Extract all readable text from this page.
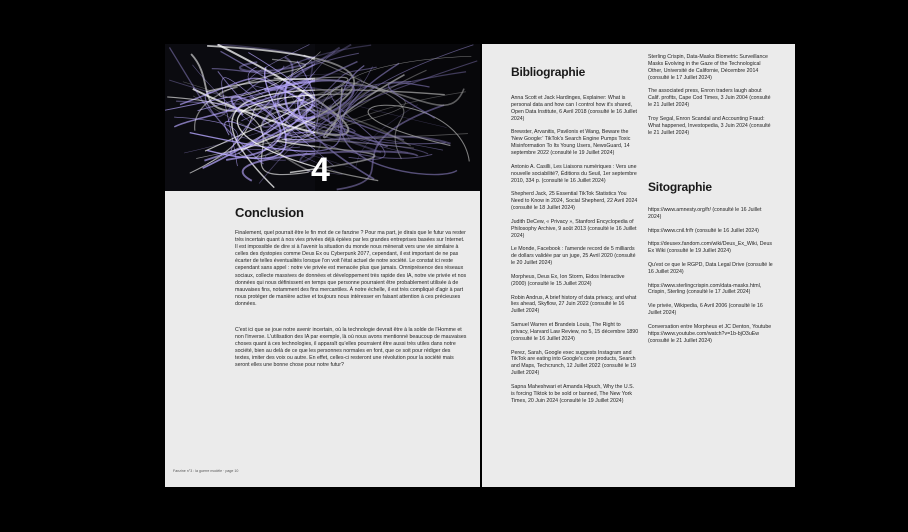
4
Conclusion

Finalement, quel pourrait être le fin mot de ce fanzine ? Pour ma part, je dirais que le futur va rester très incertain quant à nos vies privées déjà épiées par les grandes entreprises basées sur Internet. Il est impossible de dire si à l'avenir la situation du monde nous mènerait vers une vie similaire à celles des dystopies comme Deus Ex ou Cyberpunk 2077, cependant, il est important de ne pas écarter de telles éventualités lorsque l'on voit l'état actuel de notre société. Le constat ici reste cependant sans appel : notre vie privée est menacée plus que jamais. Omniprésence des réseaux sociaux, collecte massives de données et développement très rapide des IA, notre vie privée et nos données qui nous définissent en temps que personne pourraient être probablement utilisée à de mauvaises fins, notamment des fins mercantiles. À notre échelle, il est très compliqué d'agir à part nous protéger de manière active et toujours nous intéresser en faisant attention à ces précieuses données.

C'est ici que se joue notre avenir incertain, où la technologie devrait être à la solde de l'Homme et non l'inverse. L'utilisation des IA par exemple, là où nous avons mentionné beaucoup de mauvaises choses quant à ces technologies, il apparaît qu'elles pourraient être aussi très utiles dans notre société, bien au delà de ce que les personnes normales en font, que ce soit pour rédiger des textes, imiter des voix ou autre. En effet, celles-ci resteront une révolution pour la société mais seront elles une bonne chose pour notre futur?

Fanzine n°3 : la guerre modèle · page 10
Bibliographie
Anna Scott et Jack Hardinges, Explainer: What is personal data and how can I control how it's shared, Open Data Institute, 6 Avril 2018 (consulté le 16 Juillet 2024)
Brewster, Arvanitis, Pavilonis et Wang, Beware the 'New Google:' TikTok's Search Engine Pumps Toxic Misinformation To Its Young Users, NewsGuard, 14 septembre 2022 (consulté le 19 Juillet 2024)
Antonio A. Casilli, Les Liaisons numériques : Vers une nouvelle sociabilité?, Éditions du Seuil, 1er septembre 2010, 334 p. (consulté le 16 Juillet 2024)
Shepherd Jack, 25 Essential TikTok Statistics You Need to Know in 2024, Social Shepherd, 22 Avril 2024 (consulté le 18 Juillet 2024)
Judith DeCew, « Privacy », Stanford Encyclopedia of Philosophy Archive, 9 août 2013 (consulté le 16 Juillet 2024)
Le Monde, Facebook : l'amende record de 5 milliards de dollars validée par un juge, 25 Avril 2020 (consulté le 20 Juillet 2024)
Morpheus, Deus Ex, Ion Storm, Eidos Interactive (2000) (consulté le 15 Juillet 2024)
Robin Andrus, A brief history of data privacy, and what lies ahead, Skyflow, 27 Juin 2022 (consulté le 16 Juillet 2024)
Samuel Warren et Brandeis Louis, The Right to privacy, Harvard Law Review, no 5, 15 décembre 1890 (consulté le 16 Juillet 2024)
Perez, Sarah, Google exec suggests Instagram and TikTok are eating into Google's core products, Search and Maps, Techcrunch, 12 Juillet 2022 (consulté le 19 Juillet 2024)
Sapna Maheshwari et Amanda Hlpuch, Why the U.S. is forcing Tiktok to be sold or banned, The New York Times, 20 Juin 2024 (consulté le 19 Juillet 2024)
Sterling Crispin, Data-Masks Biometric Surveillance Masks Evolving in the Gaze of the Technological Other, Université de Californie, Décembre 2014 (consulté le 17 Juillet 2024)
The associated press, Enron traders laugh about Calif. profits, Cape Cod Times, 3 Juin 2004 (consulté le 21 Juillet 2024)
Troy Segal, Enron Scandal and Accounting Fraud: What happened, Investopedia, 3 Juin 2024 (consulté le 21 Juillet 2024)
Sitographie
https://www.amnesty.org/fr/ (consulté le 16 Juillet 2024)
https://www.cnil.fr/fr (consulté le 16 Juillet 2024)
https://deusex.fandom.com/wiki/Deus_Ex_Wiki, Deus Ex Wiki (consulté le 19 Juillet 2024)
Qu'est ce que le RGPD, Data Legal Drive (consulté le 16 Juillet 2024)
https://www.sterlingcrispin.com/data-masks.html, Crispin, Sterling (consulté le 17 Juillet 2024)
Vie privée, Wikipedia, 6 Avril 2006 (consulté le 16 Juillet 2024)
Conversation entre Morpheus et JC Denton, Youtube https://www.youtube.com/watch?v=1b-bjO3uEw (consulté le 21 Juillet 2024)
